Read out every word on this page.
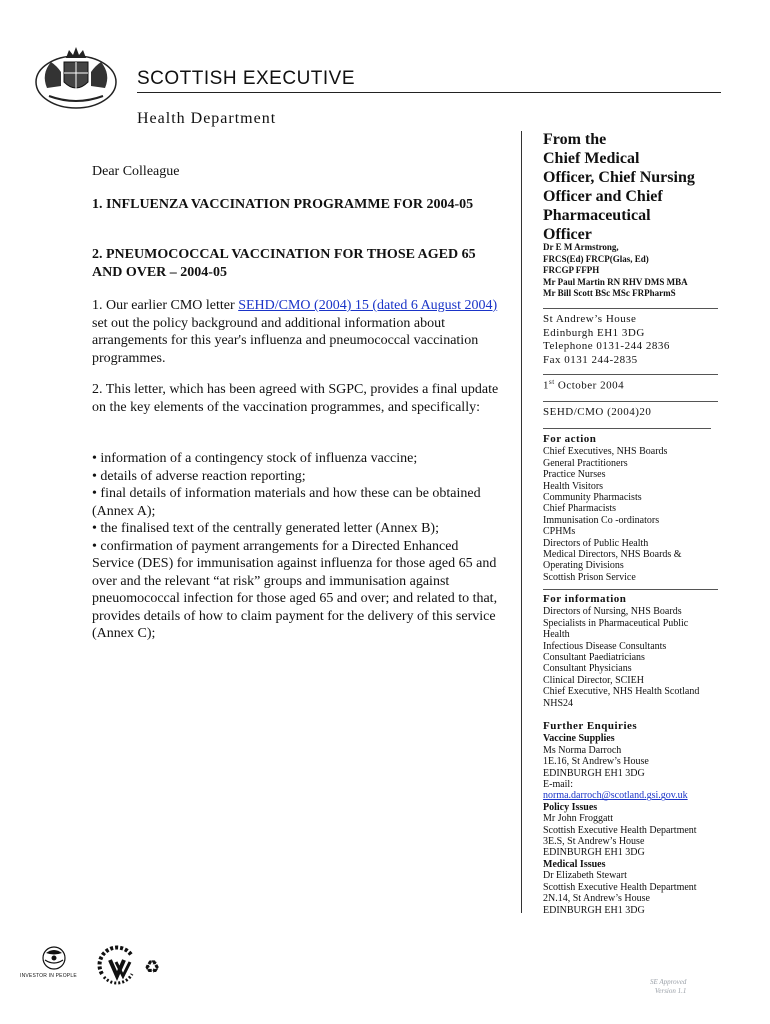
SCOTTISH EXECUTIVE
Health Department
Dear Colleague
1. INFLUENZA VACCINATION PROGRAMME FOR 2004-05
2. PNEUMOCOCCAL VACCINATION FOR THOSE AGED 65 AND OVER – 2004-05
1. Our earlier CMO letter SEHD/CMO (2004) 15 (dated 6 August 2004) set out the policy background and additional information about arrangements for this year's influenza and pneumococcal vaccination programmes.
2. This letter, which has been agreed with SGPC, provides a final update on the key elements of the vaccination programmes, and specifically:
• information of a contingency stock of influenza vaccine;
• details of adverse reaction reporting;
• final details of information materials and how these can be obtained (Annex A);
• the finalised text of the centrally generated letter (Annex B);
• confirmation of payment arrangements for a Directed Enhanced Service (DES) for immunisation against influenza for those aged 65 and over and the relevant “at risk” groups and immunisation against pneuomococcal infection for those aged 65 and over; and related to that, provides details of how to claim payment for the delivery of this service (Annex C);
From the
Chief Medical
Officer, Chief Nursing
Officer and Chief
Pharmaceutical
Officer
Dr E M Armstrong,
FRCS(Ed) FRCP(Glas, Ed)
FRCGP FFPH
Mr Paul Martin RN RHV DMS MBA
Mr Bill Scott BSc MSc FRPharmS
St Andrew’s House
Edinburgh EH1 3DG
Telephone 0131-244 2836
Fax 0131 244-2835
1st October 2004
SEHD/CMO (2004)20
For action
Chief Executives, NHS Boards
General Practitioners
Practice Nurses
Health Visitors
Community Pharmacists
Chief Pharmacists
Immunisation Co -ordinators
CPHMs
Directors of Public Health
Medical Directors, NHS Boards &
Operating Divisions
Scottish Prison Service
For information
Directors of Nursing, NHS Boards
Specialists in Pharmaceutical Public
Health
Infectious Disease Consultants
Consultant Paediatricians
Consultant Physicians
Clinical Director, SCIEH
Chief Executive, NHS Health Scotland
NHS24
Further Enquiries
Vaccine Supplies
Ms Norma Darroch
1E.16, St Andrew’s House
EDINBURGH EH1 3DG
E-mail:
norma.darroch@scotland.gsi.gov.uk
Policy Issues
Mr John Froggatt
Scottish Executive Health Department
3E.S, St Andrew’s House
EDINBURGH EH1 3DG
Medical Issues
Dr Elizabeth Stewart
Scottish Executive Health Department
2N.14, St Andrew’s House
EDINBURGH EH1 3DG
INVESTOR IN PEOPLE	♻
SE Approved
Version 1.1
